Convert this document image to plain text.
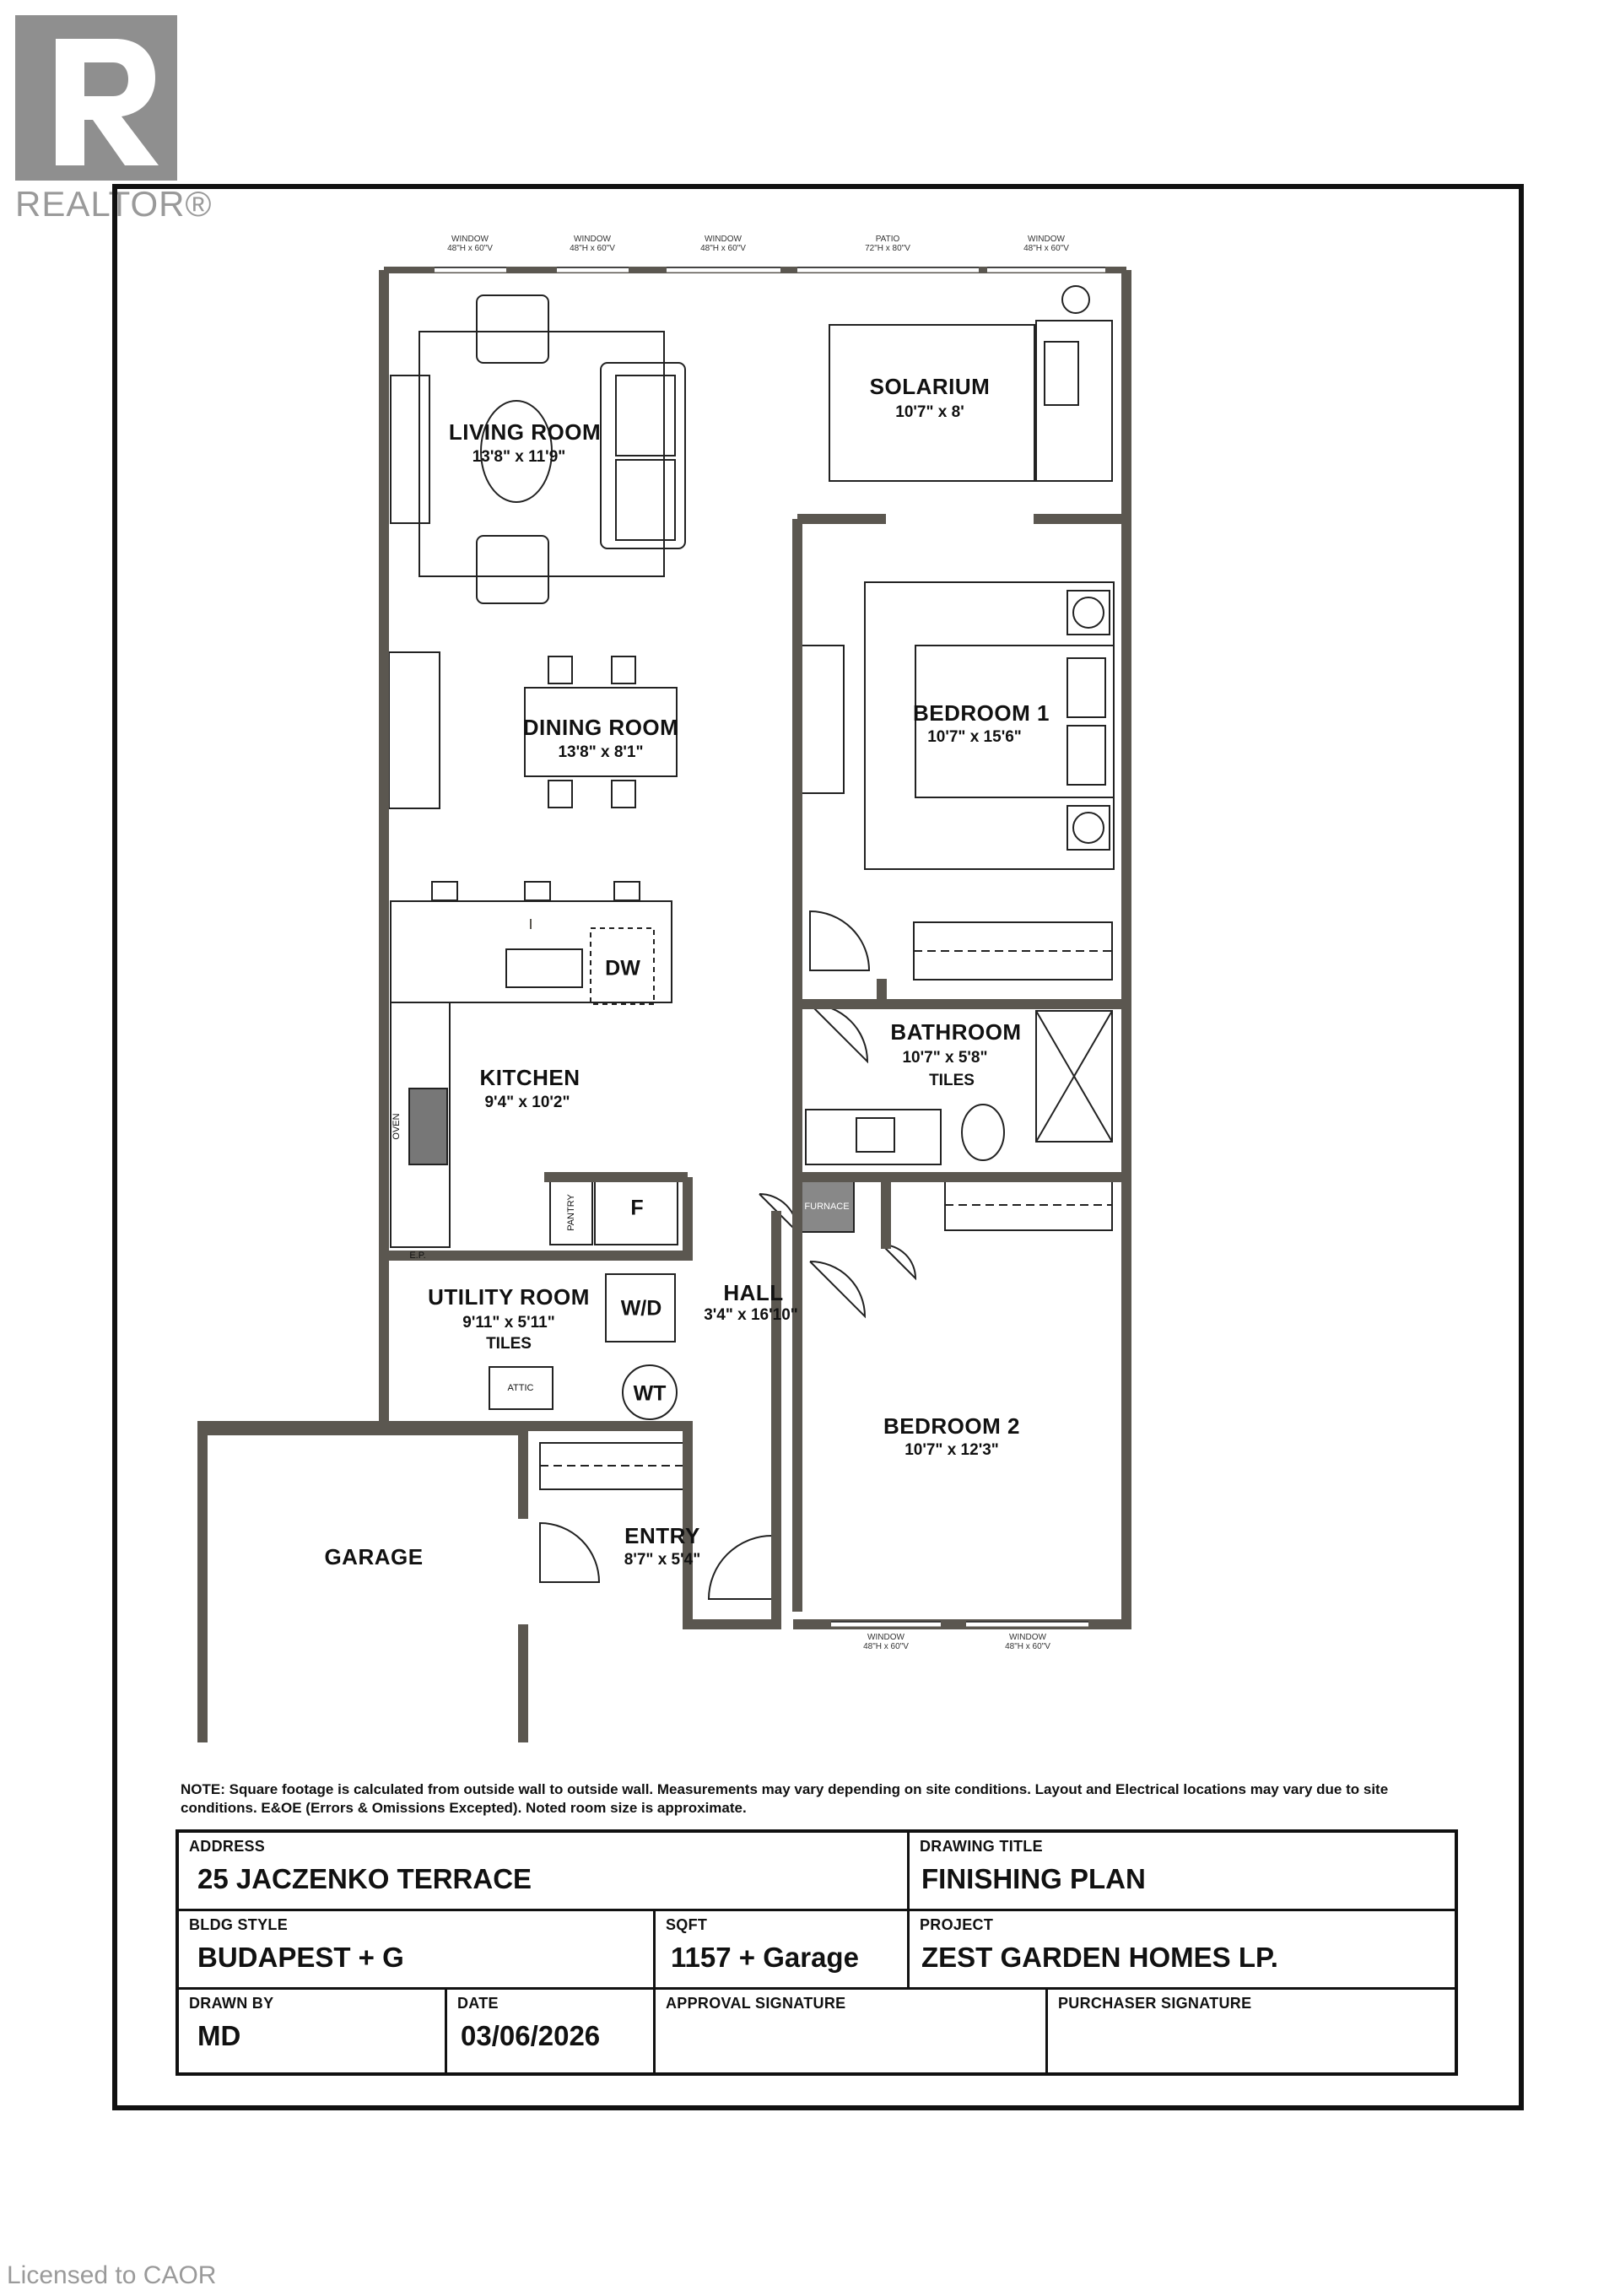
REALTOR®
WINDOW
48"H x 60"V
WINDOW
48"H x 60"V
WINDOW
48"H x 60"V
PATIO
72"H x 80"V
WINDOW
48"H x 60"V
WINDOW
48"H x 60"V
WINDOW
48"H x 60"V
LIVING ROOM
13'8" x 11'9"
SOLARIUM
10'7" x 8'
DINING ROOM
13'8" x 8'1"
BEDROOM 1
10'7" x 15'6"
KITCHEN
9'4" x 10'2"
BATHROOM
10'7" x 5'8"
TILES
UTILITY ROOM
9'11" x 5'11"
TILES
HALL
3'4" x 16'10"
BEDROOM 2
10'7" x 12'3"
ENTRY
8'7" x 5'4"
GARAGE
DW
F
W/D
WT
ATTIC
FURNACE
PANTRY
OVEN
E.P.
NOTE: Square footage is calculated from outside wall to outside wall. Measurements may vary depending on site conditions. Layout and Electrical locations may vary due to site conditions. E&OE (Errors & Omissions Excepted). Noted room size is approximate.
ADDRESS
25 JACZENKO TERRACE
DRAWING TITLE
FINISHING PLAN
BLDG STYLE
BUDAPEST + G
SQFT
1157 + Garage
PROJECT
ZEST GARDEN HOMES LP.
DRAWN BY
MD
DATE
03/06/2026
APPROVAL SIGNATURE	PURCHASER SIGNATURE
Licensed to CAOR
